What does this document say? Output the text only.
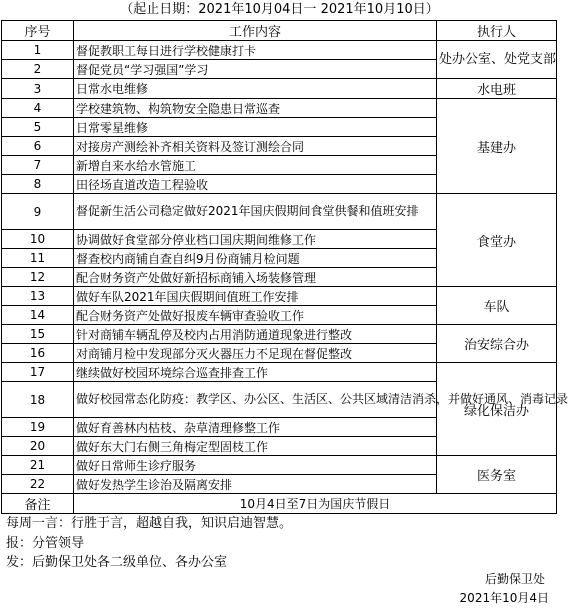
（起止日期：2021年10月04日一 2021年10月10日）
序号	工作内容	执行人
1	督促教职工每日进行学校健康打卡	处办公室、处党支部
2	督促党员“学习强国”学习	
3	日常水电维修	水电班
4	学校建筑物、构筑物安全隐患日常巡查	基建办
5	日常零星维修	
6	对接房产测绘补齐相关资料及签订测绘合同	
7	新增自来水给水管施工	
8	田径场直道改造工程验收	
9	督促新生活公司稳定做好2021年国庆假期间食堂供餐和值班安排	食堂办
10	协调做好食堂部分停业档口国庆期间维修工作	
11	督查校内商铺自查自纠9月份商铺月检问题	
12	配合财务资产处做好新招标商铺入场装修管理	
13	做好车队2021年国庆假期间值班工作安排	车队
14	配合财务资产处做好报废车辆审查验收工作	
15	针对商铺车辆乱停及校内占用消防通道现象进行整改	治安综合办
16	对商铺月检中发现部分灭火器压力不足现在督促整改	
17	继续做好校园环境综合巡查排查工作	绿化保洁办
18	做好校园常态化防疫：教学区、办公区、生活区、公共区域清洁消杀，并做好通风、消毒记录	
19	做好育善林内枯枝、杂草清理修整工作	
20	做好东大门右侧三角梅定型固枝工作	
21	做好日常师生诊疗服务	医务室
22	做好发热学生诊治及隔离安排	
备注	10月4日至7日为国庆节假日	
每周一言：行胜于言，超越自我，知识启迪智慧。
报：分管领导
发：后勤保卫处各二级单位、各办公室
后勤保卫处
2021年10月4日
